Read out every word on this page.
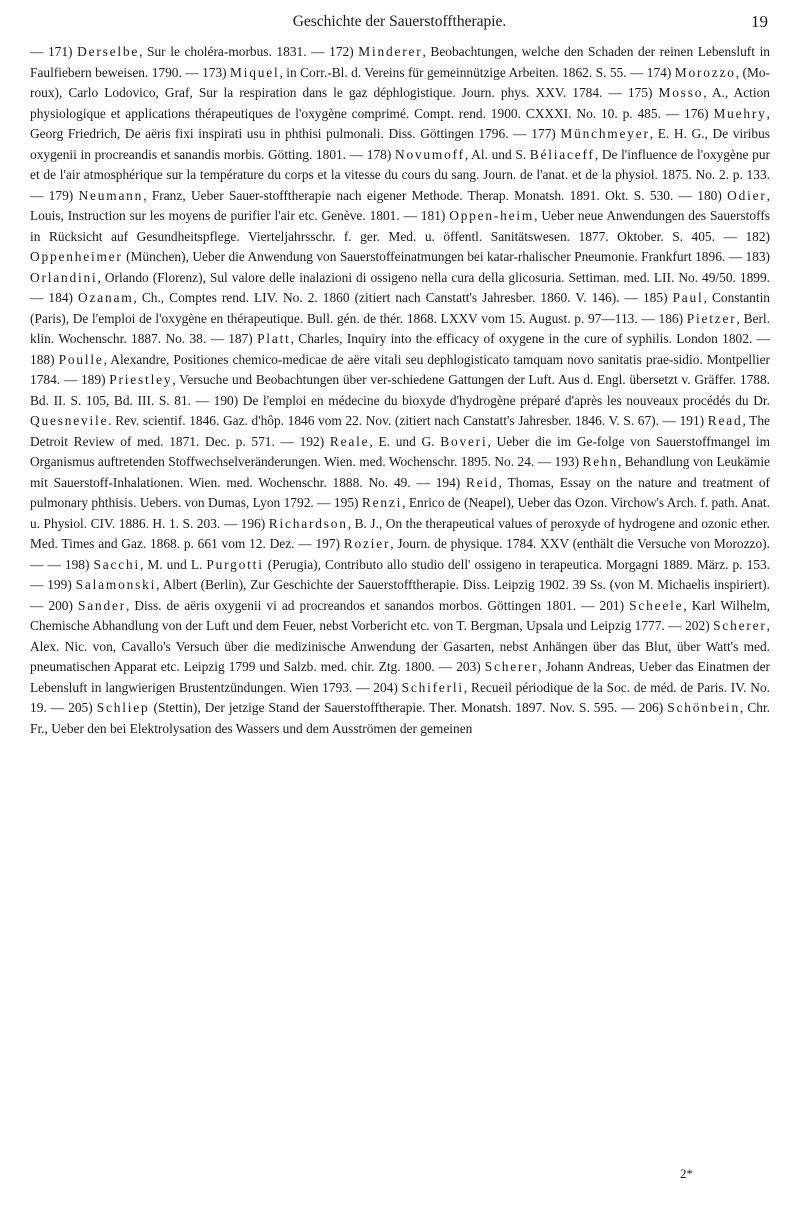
Geschichte der Sauerstofftherapie.	19

— 171) Derselbe, Sur le choléra-morbus. 1831. — 172) Minderer, Beobachtungen, welche den Schaden der reinen Lebensluft in Faulfiebern beweisen. 1790. — 173) Miquel, in Corr.-Bl. d. Vereins für gemeinnützige Arbeiten. 1862. S. 55. — 174) Morozzo, (Mo-roux), Carlo Lodovico, Graf, Sur la respiration dans le gaz déphlogistique. Journ. phys. XXV. 1784. — 175) Mosso, A., Action physiologique et applications thérapeutiques de l'oxygène comprimé. Compt. rend. 1900. CXXXI. No. 10. p. 485. — 176) Muehry, Georg Friedrich, De aëris fixi inspirati usu in phthisi pulmonali. Diss. Göttingen 1796. — 177) Münchmeyer, E. H. G., De viribus oxygenii in procreandis et sanandis morbis. Götting. 1801. — 178) Novumoff, Al. und S. Béliaceff, De l'influence de l'oxygène pur et de l'air atmosphérique sur la température du corps et la vitesse du cours du sang. Journ. de l'anat. et de la physiol. 1875. No. 2. p. 133. — 179) Neumann, Franz, Ueber Sauer-stofftherapie nach eigener Methode. Therap. Monatsh. 1891. Okt. S. 530. — 180) Odier, Louis, Instruction sur les moyens de purifier l'air etc. Genève. 1801. — 181) Oppen-heim, Ueber neue Anwendungen des Sauerstoffs in Rücksicht auf Gesundheitspflege. Vierteljahrsschr. f. ger. Med. u. öffentl. Sanitätswesen. 1877. Oktober. S. 405. — 182) Oppenheimer (München), Ueber die Anwendung von Sauerstoffeinatmungen bei katar-rhalischer Pneumonie. Frankfurt 1896. — 183) Orlandini, Orlando (Florenz), Sul valore delle inalazioni di ossigeno nella cura della glicosuria. Settiman. med. LII. No. 49/50. 1899. — 184) Ozanam, Ch., Comptes rend. LIV. No. 2. 1860 (zitiert nach Canstatt's Jahresber. 1860. V. 146). — 185) Paul, Constantin (Paris), De l'emploi de l'oxygène en thérapeutique. Bull. gén. de thér. 1868. LXXV vom 15. August. p. 97—113. — 186) Pietzer, Berl. klin. Wochenschr. 1887. No. 38. — 187) Platt, Charles, Inquiry into the efficacy of oxygene in the cure of syphilis. London 1802. — 188) Poulle, Alexandre, Positiones chemico-medicae de aëre vitali seu dephlogisticato tamquam novo sanitatis prae-sidio. Montpellier 1784. — 189) Priestley, Versuche und Beobachtungen über ver-schiedene Gattungen der Luft. Aus d. Engl. übersetzt v. Gräffer. 1788. Bd. II. S. 105, Bd. III. S. 81. — 190) De l'emploi en médecine du bioxyde d'hydrogène préparé d'après les nouveaux procédés du Dr. Quesnevile. Rev. scientif. 1846. Gaz. d'hôp. 1846 vom 22. Nov. (zitiert nach Canstatt's Jahresber. 1846. V. S. 67). — 191) Read, The Detroit Review of med. 1871. Dec. p. 571. — 192) Reale, E. und G. Boveri, Ueber die im Ge-folge von Sauerstoffmangel im Organismus auftretenden Stoffwechselveränderungen. Wien. med. Wochenschr. 1895. No. 24. — 193) Rehn, Behandlung von Leukämie mit Sauerstoff-Inhalationen. Wien. med. Wochenschr. 1888. No. 49. — 194) Reid, Thomas, Essay on the nature and treatment of pulmonary phthisis. Uebers. von Dumas, Lyon 1792. — 195) Renzi, Enrico de (Neapel), Ueber das Ozon. Virchow's Arch. f. path. Anat. u. Physiol. CIV. 1886. H. 1. S. 203. — 196) Richardson, B. J., On the therapeutical values of peroxyde of hydrogene and ozonic ether. Med. Times and Gaz. 1868. p. 661 vom 12. Dez. — 197) Rozier, Journ. de physique. 1784. XXV (enthält die Versuche von Morozzo). — — 198) Sacchi, M. und L. Purgotti (Perugia), Contributo allo studio dell' ossigeno in terapeutica. Morgagni 1889. März. p. 153. — 199) Salamonski, Albert (Berlin), Zur Geschichte der Sauerstofftherapie. Diss. Leipzig 1902. 39 Ss. (von M. Michaelis inspiriert). — 200) Sander, Diss. de aëris oxygenii vi ad procreandos et sanandos morbos. Göttingen 1801. — 201) Scheele, Karl Wilhelm, Chemische Abhandlung von der Luft und dem Feuer, nebst Vorbericht etc. von T. Bergman, Upsala und Leipzig 1777. — 202) Scherer, Alex. Nic. von, Cavallo's Versuch über die medizinische Anwendung der Gasarten, nebst Anhängen über das Blut, über Watt's med. pneumatischen Apparat etc. Leipzig 1799 und Salzb. med. chir. Ztg. 1800. — 203) Scherer, Johann Andreas, Ueber das Einatmen der Lebensluft in langwierigen Brustentzündungen. Wien 1793. — 204) Schiferli, Recueil périodique de la Soc. de méd. de Paris. IV. No. 19. — 205) Schliep (Stettin), Der jetzige Stand der Sauerstofftherapie. Ther. Monatsh. 1897. Nov. S. 595. — 206) Schönbein, Chr. Fr., Ueber den bei Elektrolysation des Wassers und dem Ausströmen der gemeinen

2*
